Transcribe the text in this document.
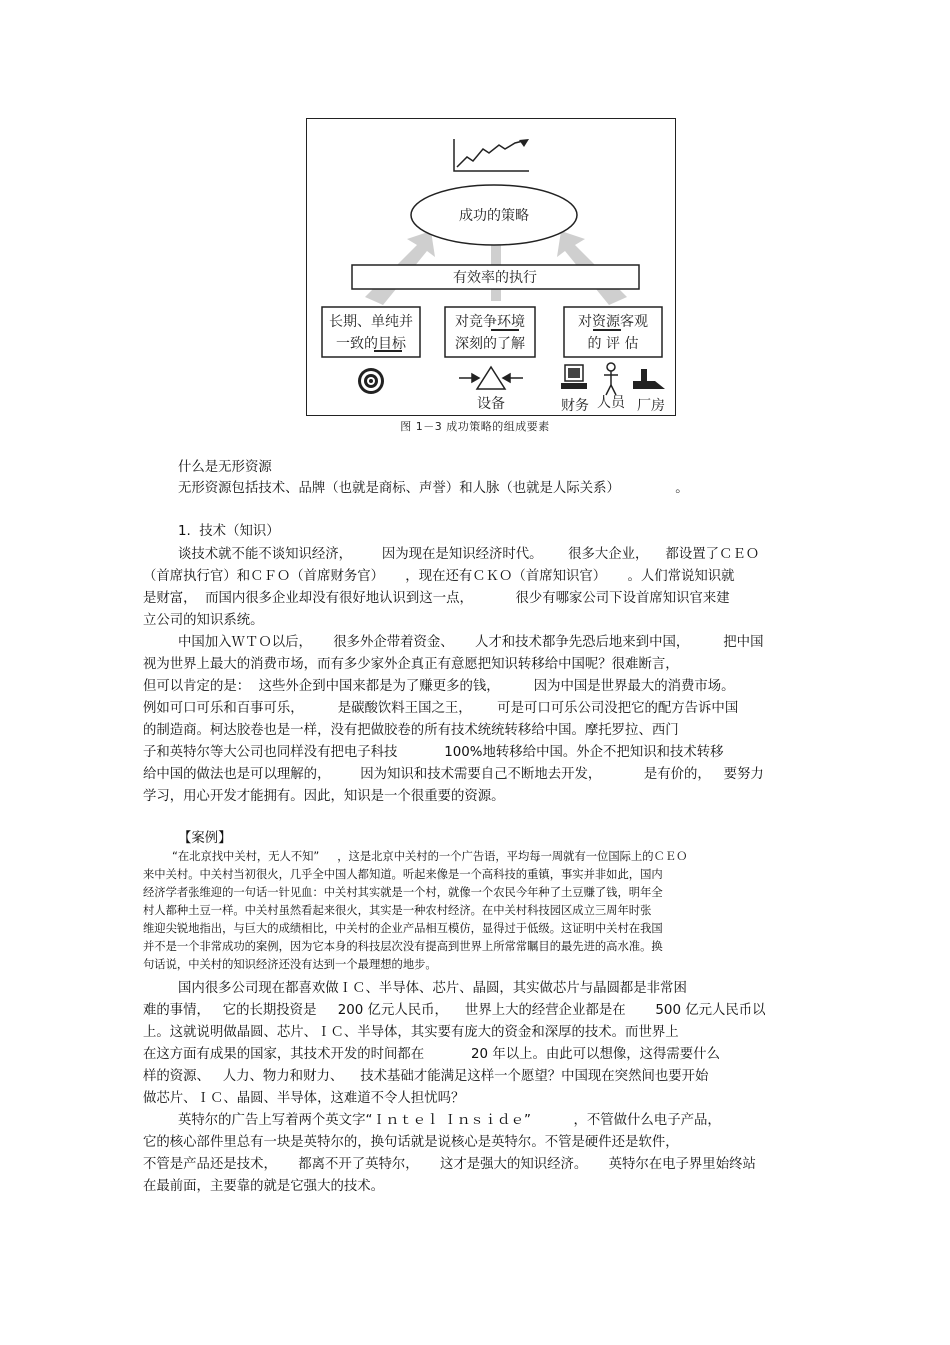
成功的策略
有效率的执行
长期、单纯并
一致的目标
对竞争环境
深刻的了解
对资源客观
的 评 估
设备	财务 人员 厂房
图 1－3 成功策略的组成要素
什么是无形资源
无形资源包括技术、品牌（也就是商标、声誉）和人脉（也就是人际关系）             。
1.  技术（知识）
谈技术就不能不谈知识经济，       因为现在是知识经济时代。      很多大企业，    都设置了ＣＥＯ
（首席执行官）和ＣＦＯ（首席财务官）     ，现在还有ＣＫＯ（首席知识官）     。人们常说知识就
是财富，  而国内很多企业却没有很好地认识到这一点，          很少有哪家公司下设首席知识官来建
立公司的知识系统。
中国加入ＷＴＯ以后，     很多外企带着资金、     人才和技术都争先恐后地来到中国，        把中国
视为世界上最大的消费市场，而有多少家外企真正有意愿把知识转移给中国呢？很难断言，
但可以肯定的是：  这些外企到中国来都是为了赚更多的钱，        因为中国是世界最大的消费市场。
例如可口可乐和百事可乐，        是碳酸饮料王国之王，      可是可口可乐公司没把它的配方告诉中国
的制造商。柯达胶卷也是一样，没有把做胶卷的所有技术统统转移给中国。摩托罗拉、西门
子和英特尔等大公司也同样没有把电子科技           100%地转移给中国。外企不把知识和技术转移
给中国的做法也是可以理解的，       因为知识和技术需要自己不断地去开发，          是有价的，   要努力
学习，用心开发才能拥有。因此，知识是一个很重要的资源。
【案例】
“在北京找中关村，无人不知”     ，这是北京中关村的一个广告语，平均每一周就有一位国际上的ＣＥＯ
来中关村。中关村当初很火，几乎全中国人都知道。听起来像是一个高科技的重镇，事实并非如此，国内
经济学者张维迎的一句话一针见血：中关村其实就是一个村，就像一个农民今年种了土豆赚了钱，明年全
村人都种土豆一样。中关村虽然看起来很火，其实是一种农村经济。在中关村科技园区成立三周年时张
维迎尖锐地指出，与巨大的成绩相比，中关村的企业产品相互模仿，显得过于低级。这证明中关村在我国
并不是一个非常成功的案例，因为它本身的科技层次没有提高到世界上所常常瞩目的最先进的高水准。换
句话说，中关村的知识经济还没有达到一个最理想的地步。
国内很多公司现在都喜欢做ＩＣ、半导体、芯片、晶圆，其实做芯片与晶圆都是非常困
难的事情，   它的长期投资是     200 亿元人民币，    世界上大的经营企业都是在       500 亿元人民币以
上。这就说明做晶圆、芯片、ＩＣ、半导体，其实要有庞大的资金和深厚的技术。而世界上
在这方面有成果的国家，其技术开发的时间都在           20 年以上。由此可以想像，这得需要什么
样的资源、   人力、物力和财力、    技术基础才能满足这样一个愿望？中国现在突然间也要开始
做芯片、ＩＣ、晶圆、半导体，这难道不令人担忧吗？
英特尔的广告上写着两个英文字“Ｉｎｔｅｌ Ｉｎｓｉｄｅ”          ，不管做什么电子产品，
它的核心部件里总有一块是英特尔的，换句话就是说核心是英特尔。不管是硬件还是软件，
不管是产品还是技术，     都离不开了英特尔，     这才是强大的知识经济。     英特尔在电子界里始终站
在最前面，主要靠的就是它强大的技术。
